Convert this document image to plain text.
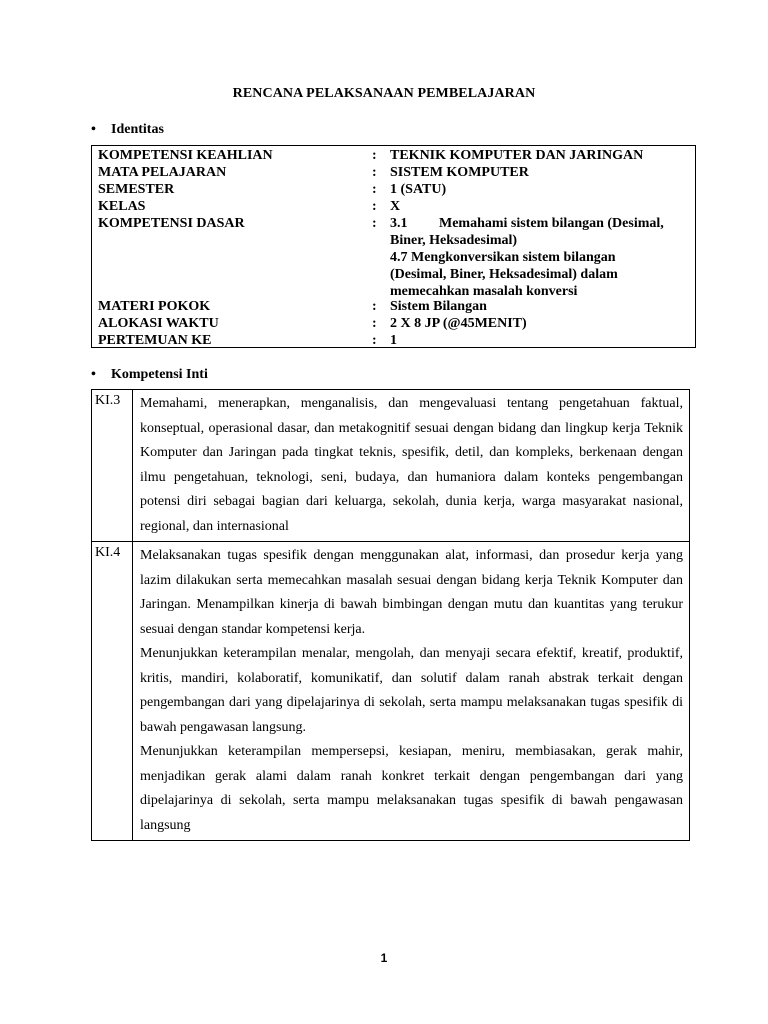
RENCANA PELAKSANAAN PEMBELAJARAN
• Identitas
KOMPETENSI KEAHLIAN	: TEKNIK KOMPUTER DAN JARINGAN
MATA PELAJARAN	: SISTEM KOMPUTER
SEMESTER	: 1 (SATU)
KELAS	: X
KOMPETENSI DASAR	: 3.1         Memahami sistem bilangan (Desimal,
Biner, Heksadesimal)
4.7 Mengkonversikan sistem bilangan
(Desimal, Biner, Heksadesimal) dalam
memecahkan masalah konversi
MATERI POKOK	: Sistem Bilangan
ALOKASI WAKTU	: 2 X 8 JP (@45MENIT)
PERTEMUAN KE	: 1
• Kompetensi Inti
KI.3	Memahami, menerapkan, menganalisis, dan mengevaluasi tentang pengetahuan faktual, konseptual, operasional dasar, dan metakognitif sesuai dengan bidang dan lingkup kerja Teknik Komputer dan Jaringan pada tingkat teknis, spesifik, detil, dan kompleks, berkenaan dengan ilmu pengetahuan, teknologi, seni, budaya, dan humaniora dalam konteks pengembangan potensi diri sebagai bagian dari keluarga, sekolah, dunia kerja, warga masyarakat nasional, regional, dan internasional

KI.4	Melaksanakan tugas spesifik dengan menggunakan alat, informasi, dan prosedur kerja yang lazim dilakukan serta memecahkan masalah sesuai dengan bidang kerja Teknik Komputer dan Jaringan. Menampilkan kinerja di bawah bimbingan dengan mutu dan kuantitas yang terukur sesuai dengan standar kompetensi kerja.

Menunjukkan keterampilan menalar, mengolah, dan menyaji secara efektif, kreatif, produktif, kritis, mandiri, kolaboratif, komunikatif, dan solutif dalam ranah abstrak terkait dengan pengembangan dari yang dipelajarinya di sekolah, serta mampu melaksanakan tugas spesifik di bawah pengawasan langsung.

Menunjukkan keterampilan mempersepsi, kesiapan, meniru, membiasakan, gerak mahir, menjadikan gerak alami dalam ranah konkret terkait dengan pengembangan dari yang dipelajarinya di sekolah, serta mampu melaksanakan tugas spesifik di bawah pengawasan langsung

1
